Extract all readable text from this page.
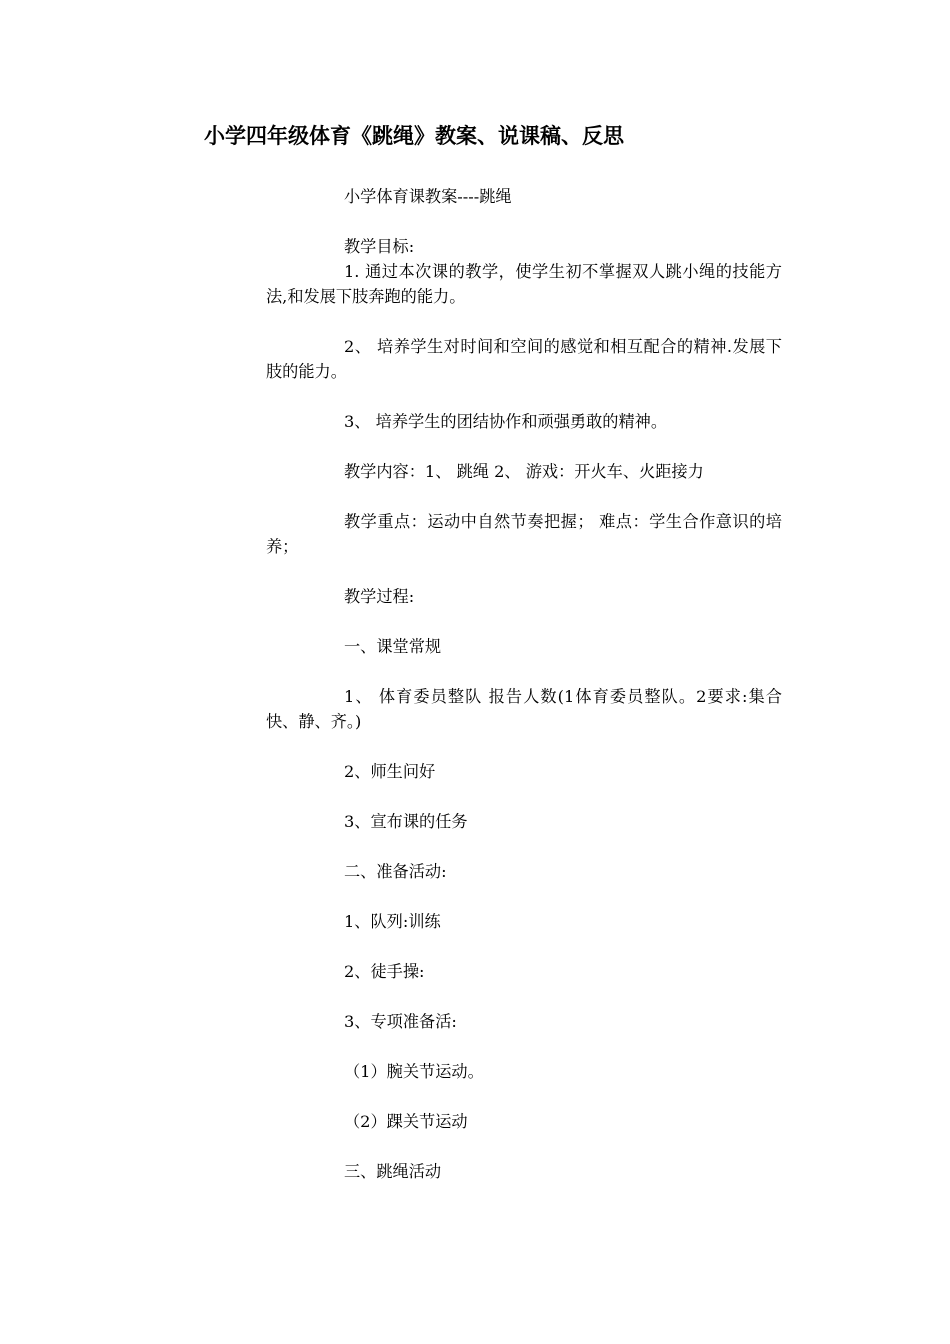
小学四年级体育《跳绳》教案、说课稿、反思

小学体育课教案----跳绳

教学目标:

1. 通过本次课的教学，使学生初不掌握双人跳小绳的技能方法,和发展下肢奔跑的能力。

2、 培养学生对时间和空间的感觉和相互配合的精神.发展下肢的能力。

3、 培养学生的团结协作和顽强勇敢的精神。

教学内容：1、 跳绳 2、 游戏：开火车、火距接力

教学重点：运动中自然节奏把握； 难点：学生合作意识的培养；

教学过程:

一、课堂常规

1、 体育委员整队 报告人数(1体育委员整队。2要求:集合快、静、齐。)

2、师生问好

3、宣布课的任务

二、准备活动:

1、队列:训练

2、徒手操:

3、专项准备活:

（1）腕关节运动。

（2）踝关节运动

三、跳绳活动
